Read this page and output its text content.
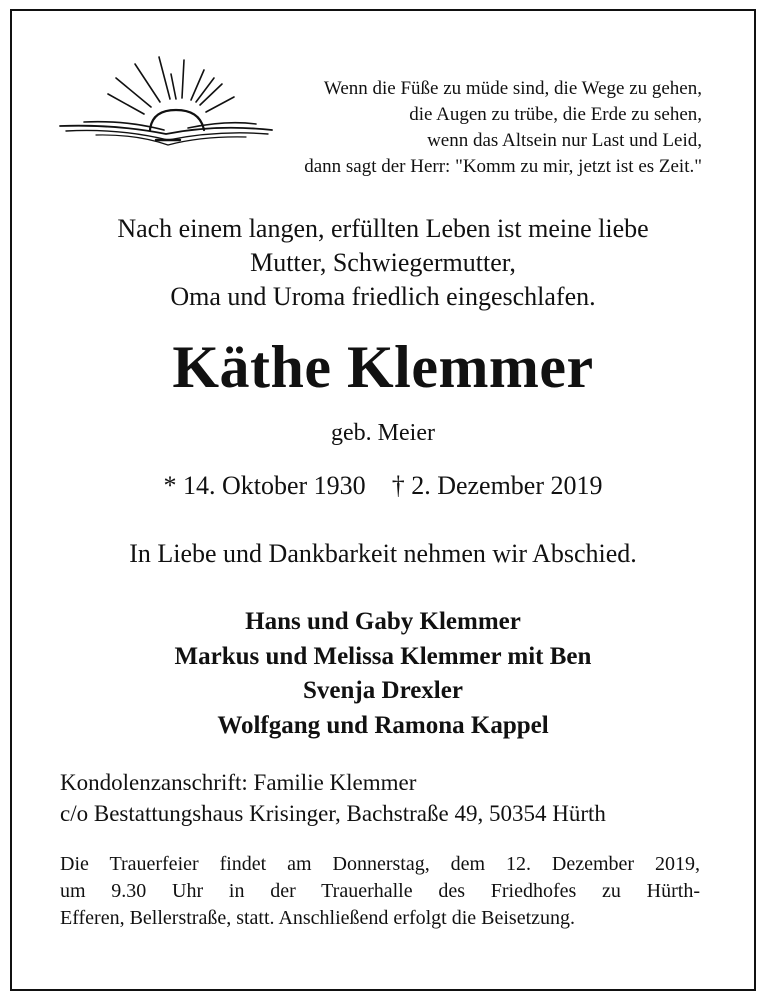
Wenn die Füße zu müde sind, die Wege zu gehen,
die Augen zu trübe, die Erde zu sehen,
wenn das Altsein nur Last und Leid,
dann sagt der Herr: "Komm zu mir, jetzt ist es Zeit."
Nach einem langen, erfüllten Leben ist meine liebe
Mutter, Schwiegermutter,
Oma und Uroma friedlich eingeschlafen.
Käthe Klemmer
geb. Meier
* 14. Oktober 1930 † 2. Dezember 2019
In Liebe und Dankbarkeit nehmen wir Abschied.
Hans und Gaby Klemmer
Markus und Melissa Klemmer mit Ben
Svenja Drexler
Wolfgang und Ramona Kappel
Kondolenzanschrift: Familie Klemmer
c/o Bestattungshaus Krisinger, Bachstraße 49, 50354 Hürth
Die Trauerfeier findet am Donnerstag, dem 12. Dezember 2019,
um 9.30 Uhr in der Trauerhalle des Friedhofes zu Hürth-
Efferen, Bellerstraße, statt. Anschließend erfolgt die Beisetzung.
